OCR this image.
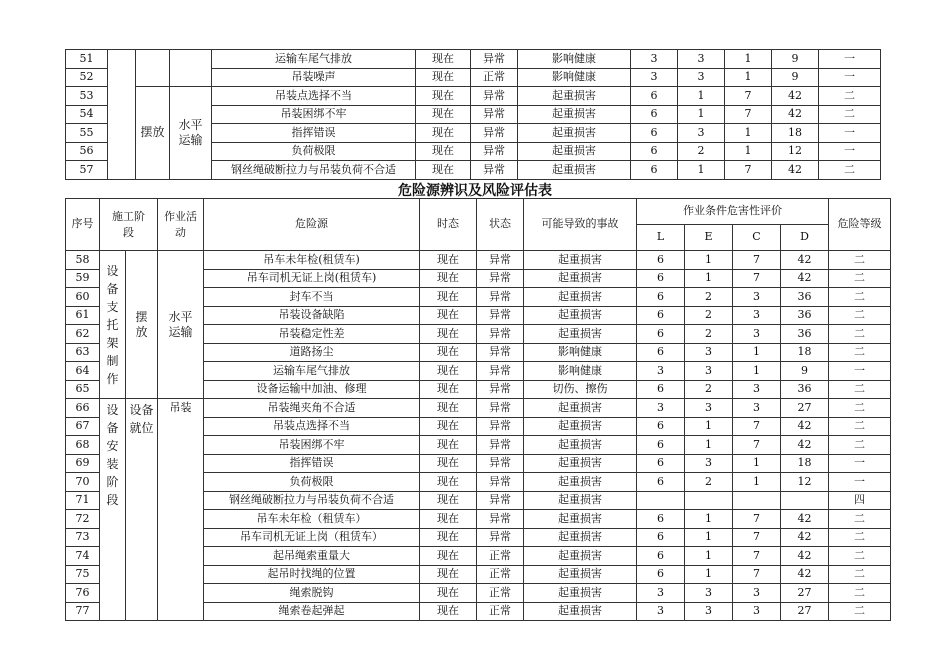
51				运输车尾气排放	现在	异常	影响健康	3	3	1	9	一
52				吊装噪声	现在	正常	影响健康	3	3	1	9	一
53		摆放	水平运输	吊装点选择不当	现在	异常	起重损害	6	1	7	42	二
54				吊装困绑不牢	现在	异常	起重损害	6	1	7	42	二
55				指挥错误	现在	异常	起重损害	6	3	1	18	一
56				负荷极限	现在	异常	起重损害	6	2	1	12	一
57				钢丝绳破断拉力与吊装负荷不合适	现在	异常	起重损害	6	1	7	42	二
危险源辨识及风险评估表
序号	施工阶段		作业活动	危险源	时态	状态	可能导致的事故	作业条件危害性评价				危险等级
								L	E	C	D	
58	设备支托架制作	摆放	水平运输	吊车未年检(租赁车)	现在	异常	起重损害	6	1	7	42	二
59				吊车司机无证上岗(租赁车)	现在	异常	起重损害	6	1	7	42	二
60				封车不当	现在	异常	起重损害	6	2	3	36	二
61				吊装设备缺陷	现在	异常	起重损害	6	2	3	36	二
62				吊装稳定性差	现在	异常	起重损害	6	2	3	36	二
63				道路扬尘	现在	异常	影响健康	6	3	1	18	二
64				运输车尾气排放	现在	异常	影响健康	3	3	1	9	一
65				设备运输中加油、修理	现在	异常	切伤、擦伤	6	2	3	36	二
66	设备安装阶段	设备就位	吊装	吊装绳夹角不合适	现在	异常	起重损害	3	3	3	27	二
67				吊装点选择不当	现在	异常	起重损害	6	1	7	42	二
68				吊装困绑不牢	现在	异常	起重损害	6	1	7	42	二
69				指挥错误	现在	异常	起重损害	6	3	1	18	一
70				负荷极限	现在	异常	起重损害	6	2	1	12	一
71				钢丝绳破断拉力与吊装负荷不合适	现在	异常	起重损害					四
72				吊车未年检（租赁车）	现在	异常	起重损害	6	1	7	42	二
73				吊车司机无证上岗（租赁车）	现在	异常	起重损害	6	1	7	42	二
74				起吊绳索重量大	现在	正常	起重损害	6	1	7	42	二
75				起吊时找绳的位置	现在	正常	起重损害	6	1	7	42	二
76				绳索脱钩	现在	正常	起重损害	3	3	3	27	二
77				绳索卷起弹起	现在	正常	起重损害	3	3	3	27	二
